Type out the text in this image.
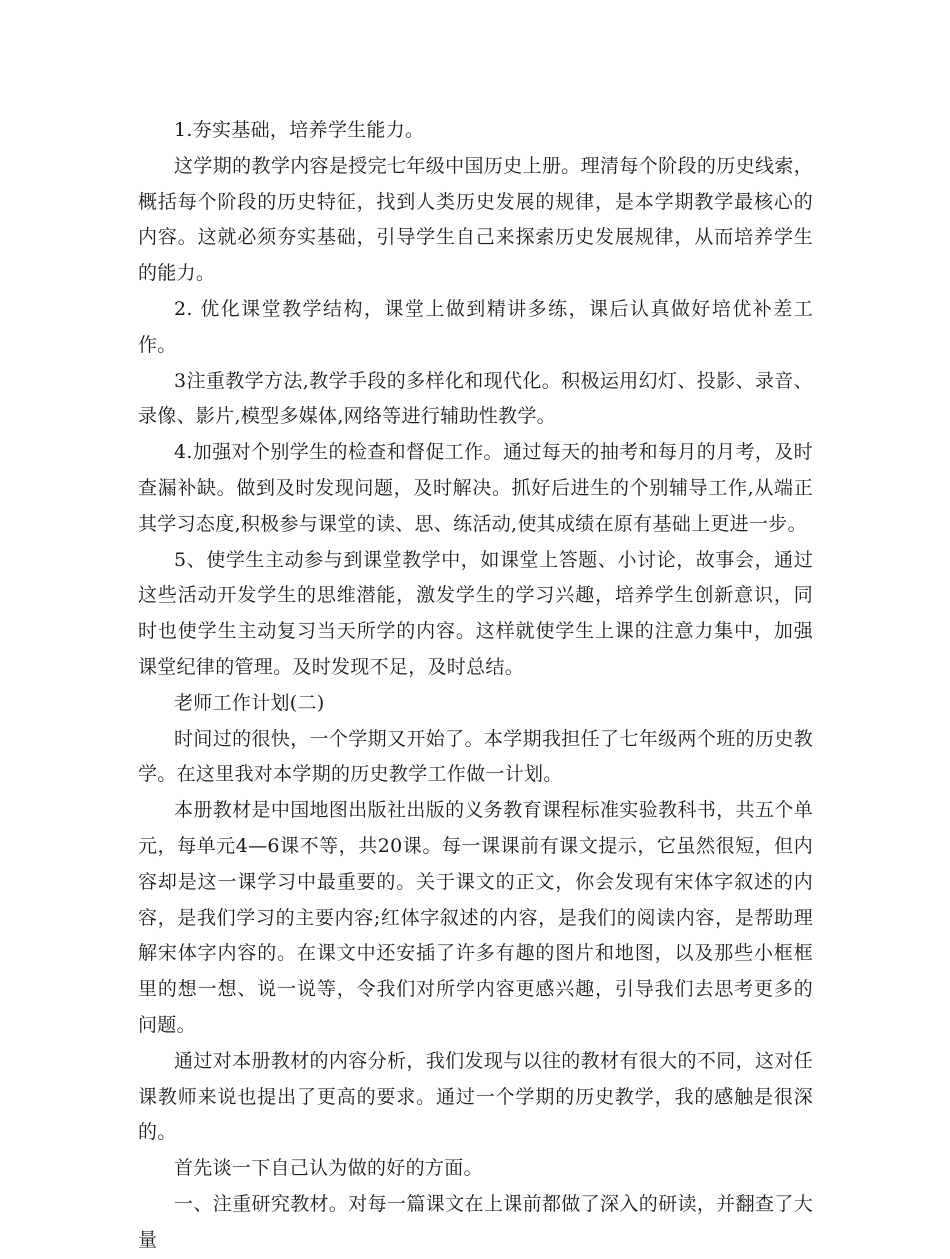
1.夯实基础，培养学生能力。

这学期的教学内容是授完七年级中国历史上册。理清每个阶段的历史线索，概括每个阶段的历史特征，找到人类历史发展的规律，是本学期教学最核心的内容。这就必须夯实基础，引导学生自己来探索历史发展规律，从而培养学生的能力。

2. 优化课堂教学结构，课堂上做到精讲多练，课后认真做好培优补差工作。

3注重教学方法,教学手段的多样化和现代化。积极运用幻灯、投影、录音、录像、影片,模型多媒体,网络等进行辅助性教学。

4.加强对个别学生的检查和督促工作。通过每天的抽考和每月的月考，及时查漏补缺。做到及时发现问题，及时解决。抓好后进生的个别辅导工作,从端正其学习态度,积极参与课堂的读、思、练活动,使其成绩在原有基础上更进一步。

5、使学生主动参与到课堂教学中，如课堂上答题、小讨论，故事会，通过这些活动开发学生的思维潜能，激发学生的学习兴趣，培养学生创新意识，同时也使学生主动复习当天所学的内容。这样就使学生上课的注意力集中，加强课堂纪律的管理。及时发现不足，及时总结。

老师工作计划(二)

时间过的很快，一个学期又开始了。本学期我担任了七年级两个班的历史教学。在这里我对本学期的历史教学工作做一计划。

本册教材是中国地图出版社出版的义务教育课程标准实验教科书，共五个单元，每单元4—6课不等，共20课。每一课课前有课文提示，它虽然很短，但内容却是这一课学习中最重要的。关于课文的正文，你会发现有宋体字叙述的内容，是我们学习的主要内容;红体字叙述的内容，是我们的阅读内容，是帮助理解宋体字内容的。在课文中还安插了许多有趣的图片和地图，以及那些小框框里的想一想、说一说等，令我们对所学内容更感兴趣，引导我们去思考更多的问题。

通过对本册教材的内容分析，我们发现与以往的教材有很大的不同，这对任课教师来说也提出了更高的要求。通过一个学期的历史教学，我的感触是很深的。

首先谈一下自己认为做的好的方面。

一、注重研究教材。对每一篇课文在上课前都做了深入的研读，并翻查了大量
